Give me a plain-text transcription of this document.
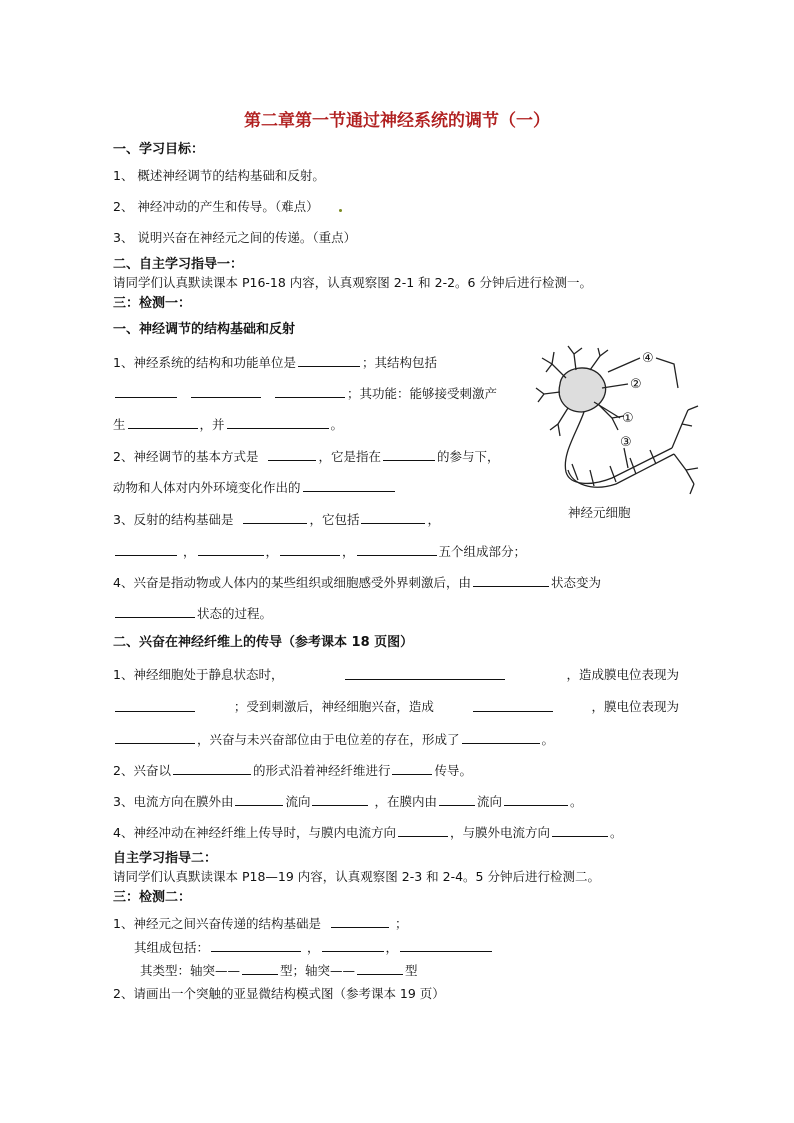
第二章第一节通过神经系统的调节（一）
一、学习目标：
1、 概述神经调节的结构基础和反射。
2、 神经冲动的产生和传导。（难点）
3、 说明兴奋在神经元之间的传递。（重点）
二、自主学习指导一：
请同学们认真默读课本 P16-18 内容，认真观察图 2-1 和 2-2。6 分钟后进行检测一。
三：检测一：
一、神经调节的结构基础和反射
1、神经系统的结构和功能单位是	；其结构包括
；其功能：能够接受刺激产
生	，并	。
2、神经调节的基本方式是	，它是指在	的参与下，
动物和人体对内外环境变化作出的
3、反射的结构基础是	，它包括	，
，	，	，	五个组成部分；
4、兴奋是指动物或人体内的某些组织或细胞感受外界刺激后，由	状态变为
状态的过程。
二、兴奋在神经纤维上的传导（参考课本 18 页图）
1、神经细胞处于静息状态时，	，造成膜电位表现为
；受到刺激后，神经细胞兴奋，造成	，膜电位表现为
，兴奋与未兴奋部位由于电位差的存在，形成了	。
2、兴奋以	的形式沿着神经纤维进行	传导。
3、电流方向在膜外由	流向	，在膜内由	流向	。
4、神经冲动在神经纤维上传导时，与膜内电流方向	，与膜外电流方向	。
自主学习指导二：
请同学们认真默读课本 P18—19 内容，认真观察图 2-3 和 2-4。5 分钟后进行检测二。
三：检测二：
1、神经元之间兴奋传递的结构基础是	；
其组成包括：	，	，
其类型：轴突——	型；轴突——	型
2、请画出一个突触的亚显微结构模式图（参考课本 19 页）
④
②
①
③
神经元细胞
